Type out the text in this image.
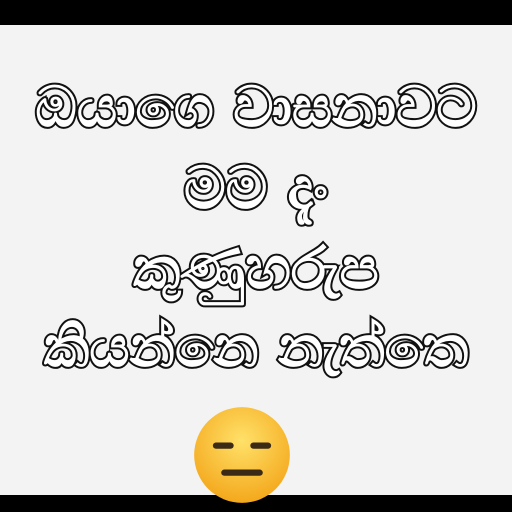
ඔයාගෙ වාසනාවට
මම දැං
කුණුහරුප
කියන්නෙ නැත්තෙ
